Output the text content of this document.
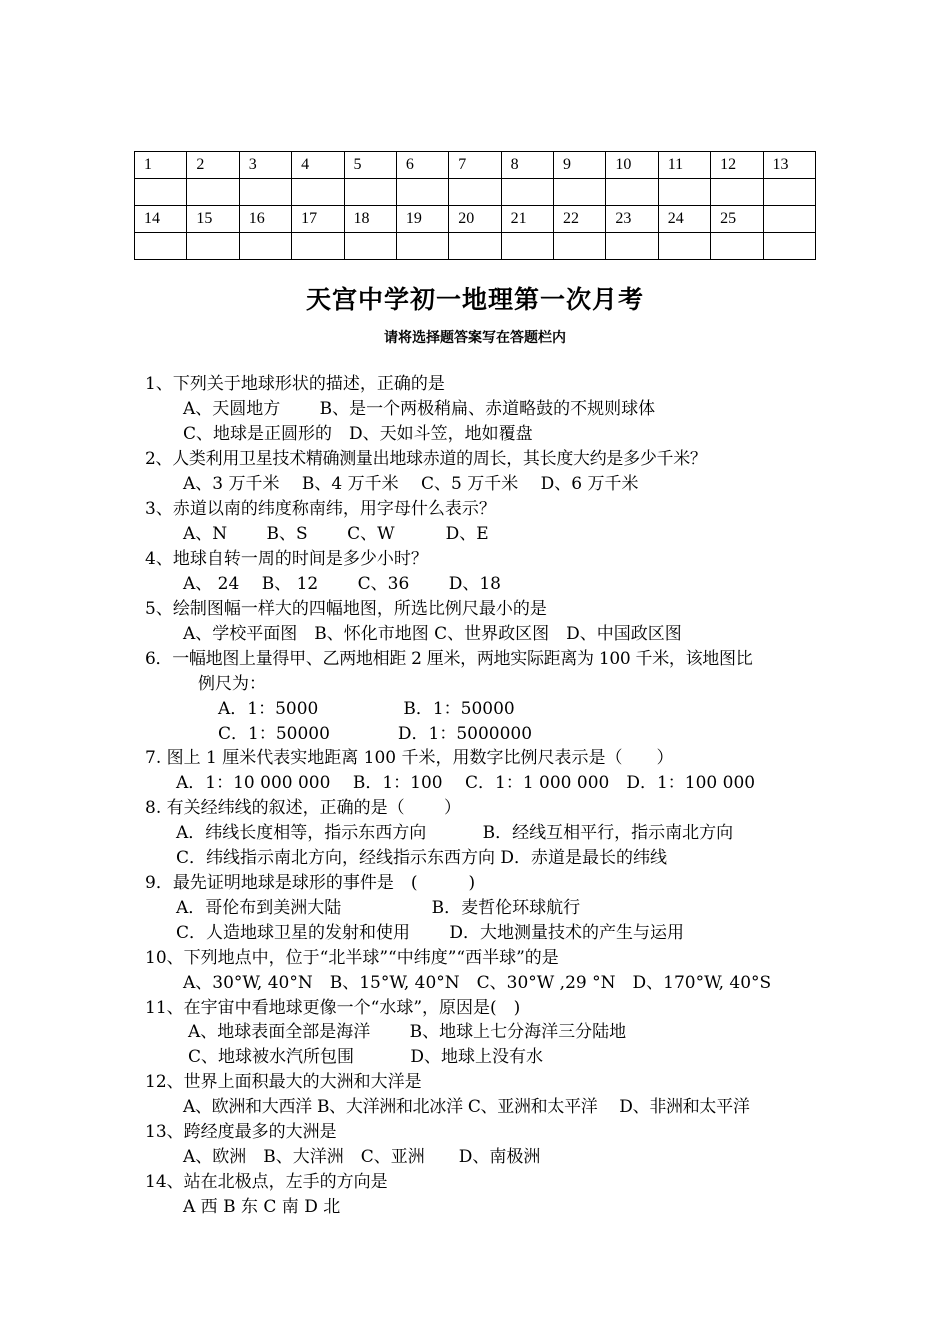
1	2	3	4	5	6	7	8	9	10	11	12	13

14	15	16	17	18	19	20	21	22	23	24	25	

天宫中学初一地理第一次月考
请将选择题答案写在答题栏内
1、下列关于地球形状的描述，正确的是
A、天圆地方　　 B、是一个两极稍扁、赤道略鼓的不规则球体
C、地球是正圆形的　D、天如斗笠，地如覆盘
2、人类利用卫星技术精确测量出地球赤道的周长，其长度大约是多少千米？
A、3 万千米　 B、4 万千米　 C、5 万千米　 D、6 万千米
3、赤道以南的纬度称南纬，用字母什么表示？
A、N　　 B、S　　 C、W　　　D、E
4、地球自转一周的时间是多少小时？
A、 24　 B、 12　　 C、36　　 D、18
5、绘制图幅一样大的四幅地图，所选比例尺最小的是
A、学校平面图　B、怀化市地图 C、世界政区图　D、中国政区图
6．一幅地图上量得甲、乙两地相距 2 厘米，两地实际距离为 100 千米，该地图比
例尺为：
A．1：5000　　　　　B．1：50000
C．1：50000　　　　D．1：5000000
7. 图上 1 厘米代表实地距离 100 千米，用数字比例尺表示是（　　）
A．1：10 000 000　 B．1：100　 C．1：1 000 000　D．1：100 000
8. 有关经纬线的叙述，正确的是（　　 ）
A．纬线长度相等，指示东西方向　　　 B．经线互相平行，指示南北方向
C．纬线指示南北方向，经线指示东西方向 D．赤道是最长的纬线
9．最先证明地球是球形的事件是　(　　　)
A．哥伦布到美洲大陆　　　　　 B．麦哲伦环球航行
C．人造地球卫星的发射和使用　　 D．大地测量技术的产生与运用
10、下列地点中，位于“北半球”“中纬度”“西半球”的是
A、30°W, 40°N　B、15°W, 40°N　C、30°W ,29 °N　D、170°W, 40°S
11、在宇宙中看地球更像一个“水球”，原因是(　)
A、地球表面全部是海洋　　 B、地球上七分海洋三分陆地
C、地球被水汽所包围　　　 D、地球上没有水
12、世界上面积最大的大洲和大洋是
A、欧洲和大西洋 B、大洋洲和北冰洋 C、亚洲和太平洋　 D、非洲和太平洋
13、跨经度最多的大洲是
A、欧洲　B、大洋洲　C、亚洲　　D、南极洲
14、站在北极点，左手的方向是
A 西 B 东 C 南 D 北
